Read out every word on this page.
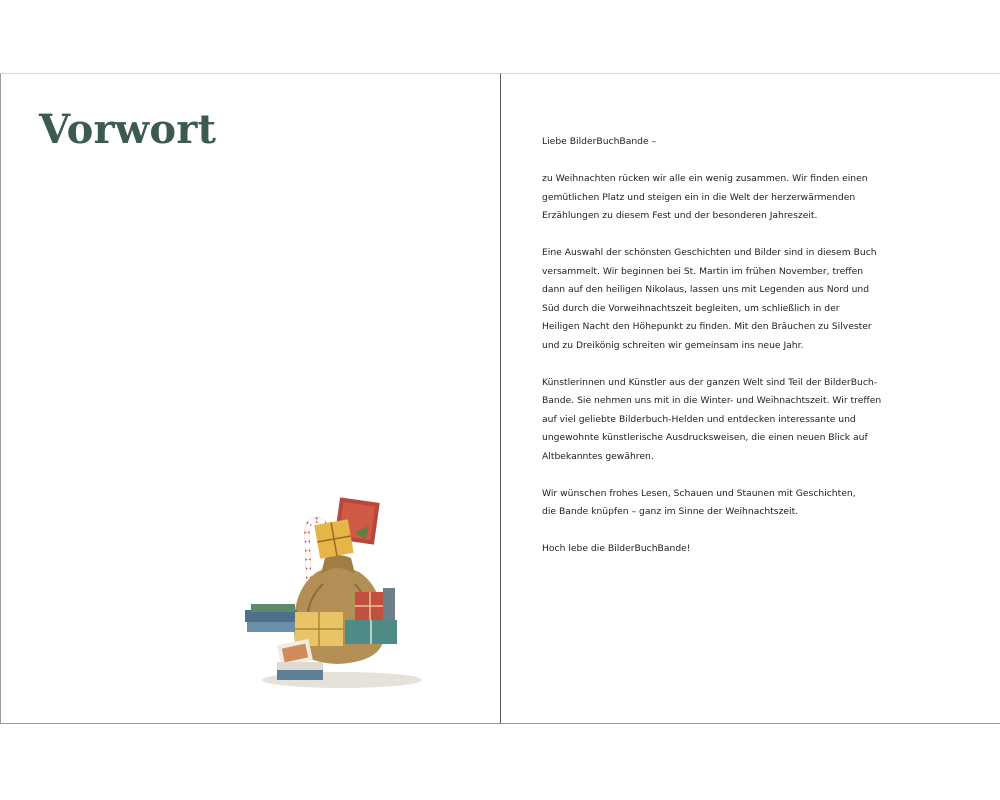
Vorwort	Liebe BilderBuchBande –

zu Weihnachten rücken wir alle ein wenig zusammen. Wir finden einen
gemütlichen Platz und steigen ein in die Welt der herzerwärmenden
Erzählungen zu diesem Fest und der besonderen Jahreszeit.

Eine Auswahl der schönsten Geschichten und Bilder sind in diesem Buch
versammelt. Wir beginnen bei St. Martin im frühen November, treffen
dann auf den heiligen Nikolaus, lassen uns mit Legenden aus Nord und
Süd durch die Vorweihnachtszeit begleiten, um schließlich in der
Heiligen Nacht den Höhepunkt zu finden. Mit den Bräuchen zu Silvester
und zu Dreikönig schreiten wir gemeinsam ins neue Jahr.

Künstlerinnen und Künstler aus der ganzen Welt sind Teil der BilderBuch-
Bande. Sie nehmen uns mit in die Winter- und Weihnachtszeit. Wir treffen
auf viel geliebte Bilderbuch-Helden und entdecken interessante und
ungewohnte künstlerische Ausdrucksweisen, die einen neuen Blick auf
Altbekanntes gewähren.

Wir wünschen frohes Lesen, Schauen und Staunen mit Geschichten,
die Bande knüpfen – ganz im Sinne der Weihnachtszeit.

Hoch lebe die BilderBuchBande!
